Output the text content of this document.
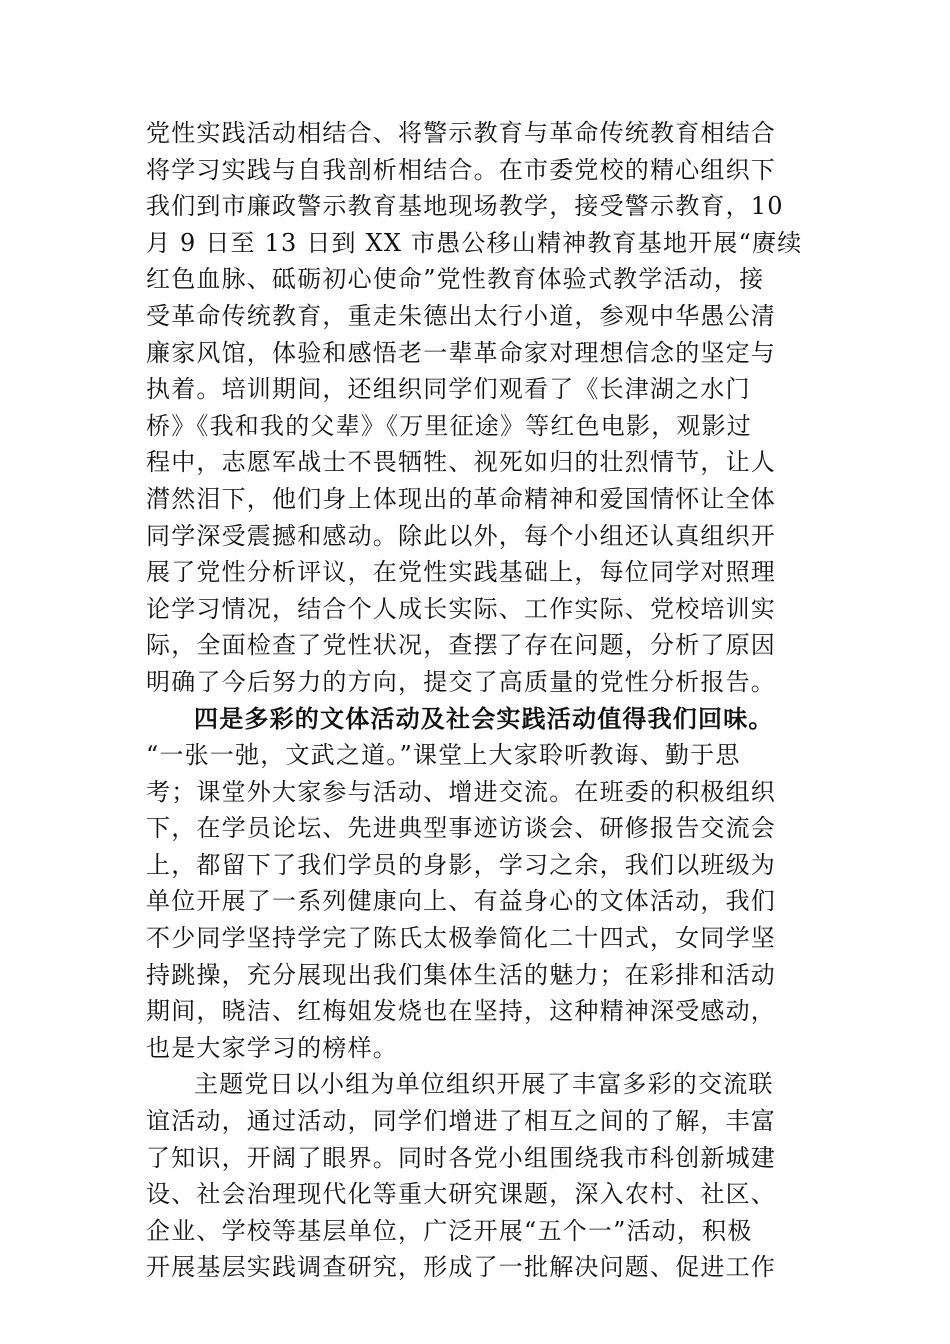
党性实践活动相结合、将警示教育与革命传统教育相结合
将学习实践与自我剖析相结合。在市委党校的精心组织下
我们到市廉政警示教育基地现场教学，接受警示教育，10
月 9 日至 13 日到 XX 市愚公移山精神教育基地开展“赓续
红色血脉、砥砺初心使命”党性教育体验式教学活动，接
受革命传统教育，重走朱德出太行小道，参观中华愚公清
廉家风馆，体验和感悟老一辈革命家对理想信念的坚定与
执着。培训期间，还组织同学们观看了《长津湖之水门
桥》《我和我的父辈》《万里征途》等红色电影，观影过
程中，志愿军战士不畏牺牲、视死如归的壮烈情节，让人
潸然泪下，他们身上体现出的革命精神和爱国情怀让全体
同学深受震撼和感动。除此以外，每个小组还认真组织开
展了党性分析评议，在党性实践基础上，每位同学对照理
论学习情况，结合个人成长实际、工作实际、党校培训实
际，全面检查了党性状况，查摆了存在问题，分析了原因
明确了今后努力的方向，提交了高质量的党性分析报告。
四是多彩的文体活动及社会实践活动值得我们回味。
“一张一弛，文武之道。”课堂上大家聆听教诲、勤于思
考；课堂外大家参与活动、增进交流。在班委的积极组织
下，在学员论坛、先进典型事迹访谈会、研修报告交流会
上，都留下了我们学员的身影，学习之余，我们以班级为
单位开展了一系列健康向上、有益身心的文体活动，我们
不少同学坚持学完了陈氏太极拳简化二十四式，女同学坚
持跳操，充分展现出我们集体生活的魅力；在彩排和活动
期间，晓洁、红梅姐发烧也在坚持，这种精神深受感动，
也是大家学习的榜样。
主题党日以小组为单位组织开展了丰富多彩的交流联
谊活动，通过活动，同学们增进了相互之间的了解，丰富
了知识，开阔了眼界。同时各党小组围绕我市科创新城建
设、社会治理现代化等重大研究课题，深入农村、社区、
企业、学校等基层单位，广泛开展“五个一”活动，积极
开展基层实践调查研究，形成了一批解决问题、促进工作
